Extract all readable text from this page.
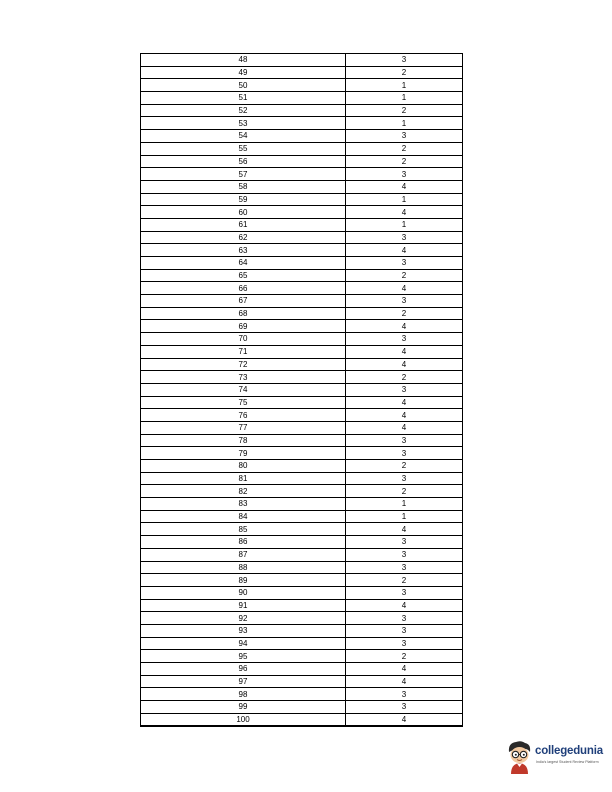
48	3
49	2
50	1
51	1
52	2
53	1
54	3
55	2
56	2
57	3
58	4
59	1
60	4
61	1
62	3
63	4
64	3
65	2
66	4
67	3
68	2
69	4
70	3
71	4
72	4
73	2
74	3
75	4
76	4
77	4
78	3
79	3
80	2
81	3
82	2
83	1
84	1
85	4
86	3
87	3
88	3
89	2
90	3
91	4
92	3
93	3
94	3
95	2
96	4
97	4
98	3
99	3
100	4
collegedunia
India's largest Student Review Platform
